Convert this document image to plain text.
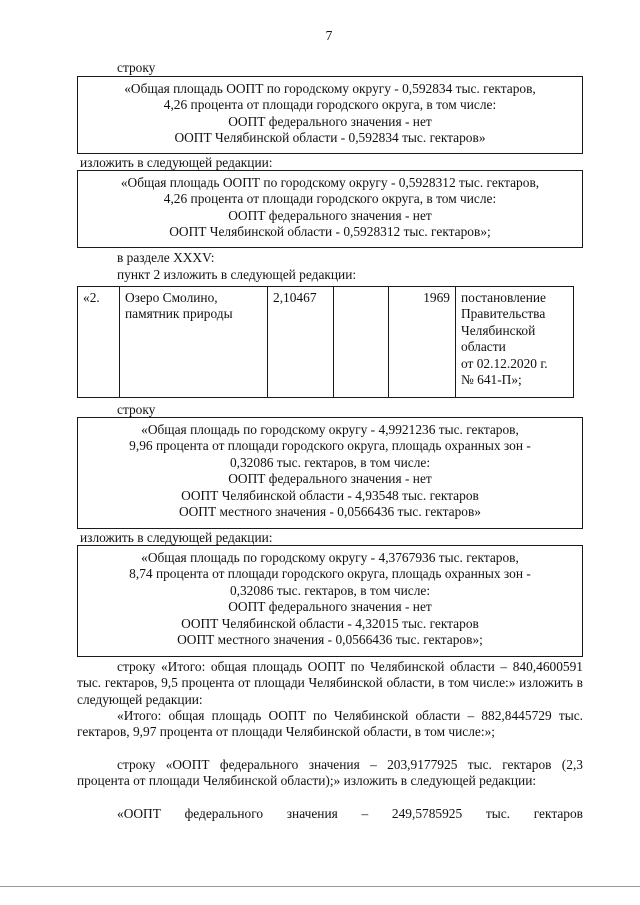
7
строку
«Общая площадь ООПТ по городскому округу - 0,592834 тыс. гектаров,
4,26 процента от площади городского округа, в том числе:
ООПТ федерального значения - нет
ООПТ Челябинской области - 0,592834 тыс. гектаров»
изложить в следующей редакции:
«Общая площадь ООПТ по городскому округу - 0,5928312 тыс. гектаров,
4,26 процента от площади городского округа, в том числе:
ООПТ федерального значения - нет
ООПТ Челябинской области - 0,5928312 тыс. гектаров»;
в разделе XXXV:
пункт 2 изложить в следующей редакции:
«2.	Озеро Смолино, памятник природы	2,10467		1969	постановление
Правительства
Челябинской
области
от 02.12.2020 г.
№ 641-П»;
строку
«Общая площадь по городскому округу - 4,9921236 тыс. гектаров,
9,96 процента от площади городского округа, площадь охранных зон -
0,32086 тыс. гектаров, в том числе:
ООПТ федерального значения - нет
ООПТ Челябинской области - 4,93548 тыс. гектаров
ООПТ местного значения - 0,0566436 тыс. гектаров»
изложить в следующей редакции:
«Общая площадь по городскому округу - 4,3767936 тыс. гектаров,
8,74 процента от площади городского округа, площадь охранных зон -
0,32086 тыс. гектаров, в том числе:
ООПТ федерального значения - нет
ООПТ Челябинской области - 4,32015 тыс. гектаров
ООПТ местного значения - 0,0566436 тыс. гектаров»;
строку «Итого: общая площадь ООПТ по Челябинской области – 840,4600591 тыс. гектаров, 9,5 процента от площади Челябинской области, в том числе:» изложить в следующей редакции:
«Итого: общая площадь ООПТ по Челябинской области – 882,8445729 тыс. гектаров, 9,97 процента от площади Челябинской области, в том числе:»;
строку «ООПТ федерального значения – 203,9177925 тыс. гектаров (2,3 процента от площади Челябинской области);» изложить в следующей редакции:
«ООПТ федерального значения – 249,5785925 тыс. гектаров
